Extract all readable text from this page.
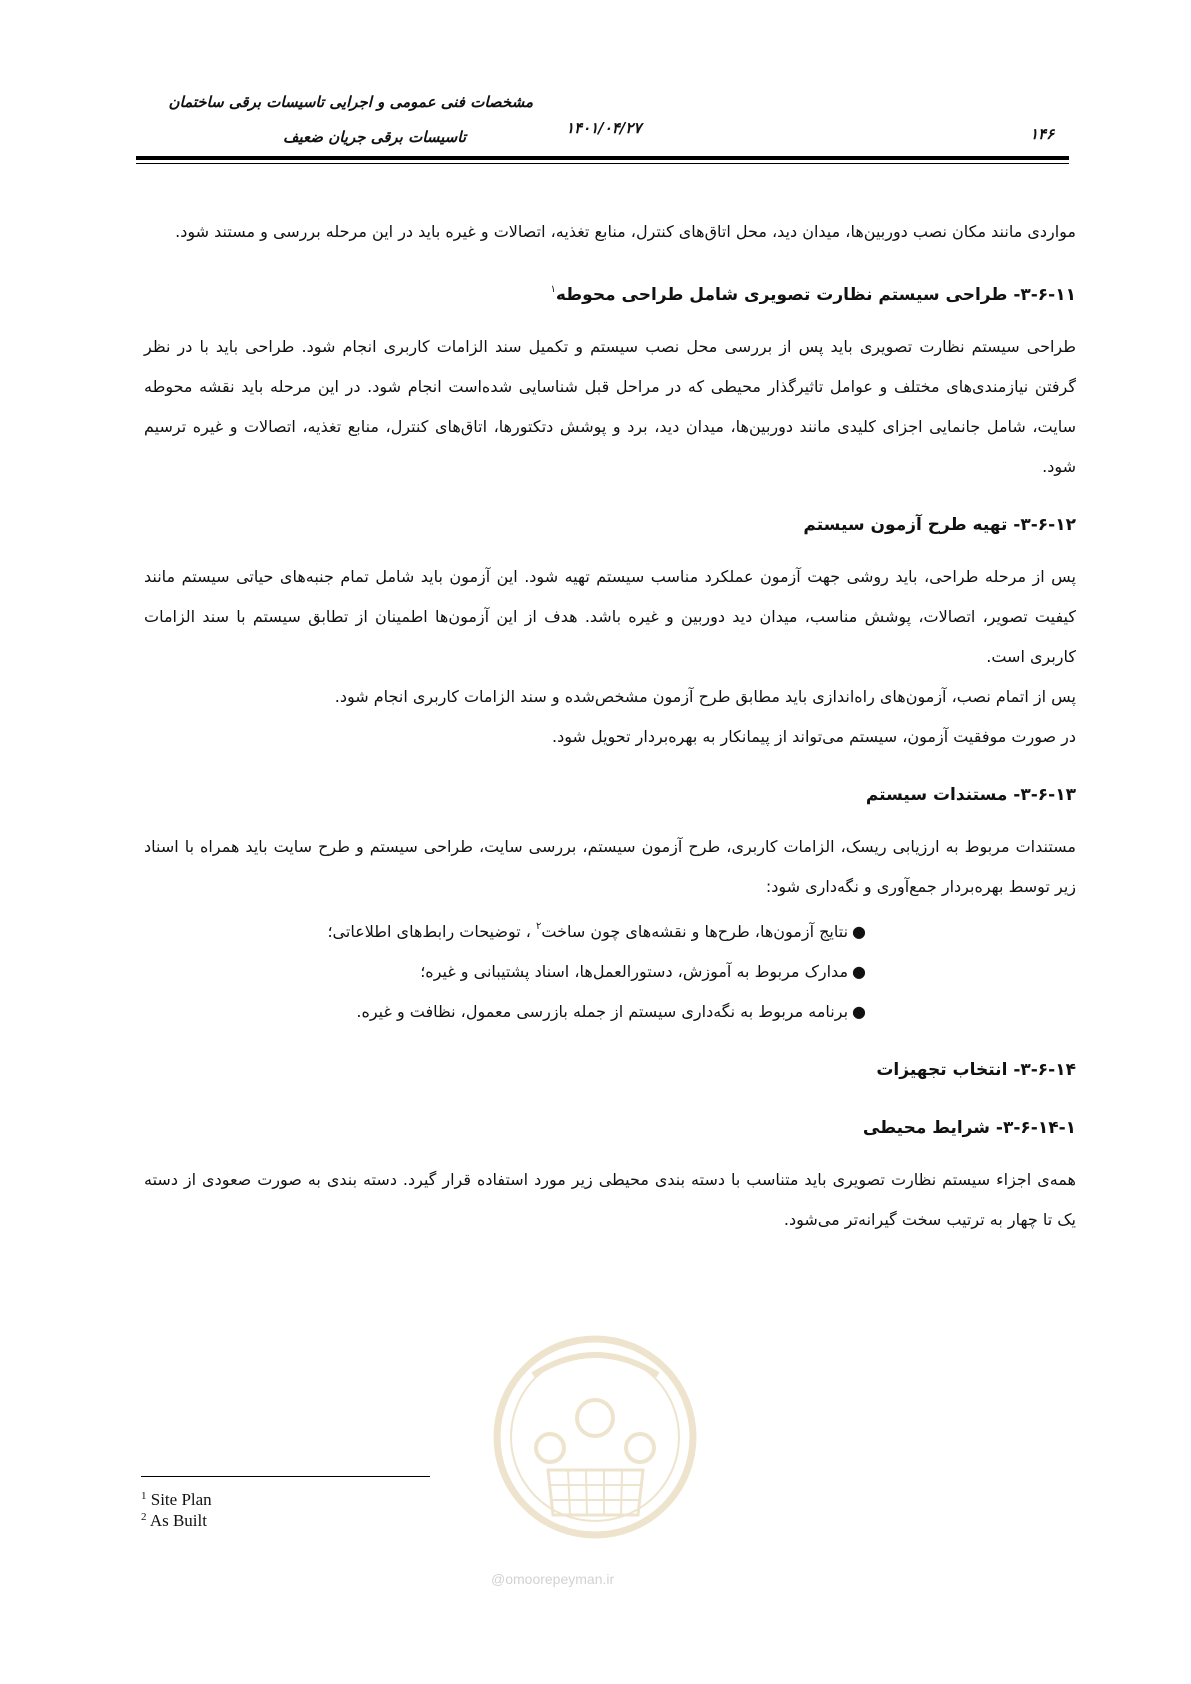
مشخصات فنی عمومی و اجرایی تاسیسات برقی ساختمان
تاسیسات برقی جریان ضعیف	۱۴۰۱/۰۴/۲۷	۱۴۶
@omoorepeyman.ir

مواردی مانند مکان نصب دوربین‌ها، میدان دید، محل اتاق‌های کنترل، منابع تغذیه، اتصالات و غیره باید در این مرحله بررسی و مستند شود.

۳-۶-۱۱- طراحی سیستم نظارت تصویری شامل طراحی محوطه$^۱$

طراحی سیستم نظارت تصویری باید پس از بررسی محل نصب سیستم و تکمیل سند الزامات کاربری انجام شود. طراحی باید با در نظر گرفتن نیازمندی‌های مختلف و عوامل تاثیرگذار محیطی که در مراحل قبل شناسایی شده‌است انجام شود. در این مرحله باید نقشه محوطه سایت، شامل جانمایی اجزای کلیدی مانند دوربین‌ها، میدان دید، برد و پوشش دتکتورها، اتاق‌های کنترل، منابع تغذیه، اتصالات و غیره ترسیم شود.

۳-۶-۱۲- تهیه طرح آزمون سیستم

پس از مرحله طراحی، باید روشی جهت آزمون عملکرد مناسب سیستم تهیه شود. این آزمون باید شامل تمام جنبه‌های حیاتی سیستم مانند کیفیت تصویر، اتصالات، پوشش مناسب، میدان دید دوربین و غیره باشد. هدف از این آزمون‌ها اطمینان از تطابق سیستم با سند الزامات کاربری است.

پس از اتمام نصب، آزمون‌های راه‌اندازی باید مطابق طرح آزمون مشخص‌شده و سند الزامات کاربری انجام شود.

در صورت موفقیت آزمون، سیستم می‌تواند از پیمانکار به بهره‌بردار تحویل شود.

۳-۶-۱۳- مستندات سیستم

مستندات مربوط به ارزیابی ریسک، الزامات کاربری، طرح آزمون سیستم، بررسی سایت، طراحی سیستم و طرح سایت باید همراه با اسناد زیر توسط بهره‌بردار جمع‌آوری و نگه‌داری شود:

●نتایج آزمون‌ها، طرح‌ها و نقشه‌های چون ساخت$^۲$ ، توضیحات رابط‌های اطلاعاتی؛
●مدارک مربوط به آموزش، دستورالعمل‌ها، اسناد پشتیبانی و غیره؛
●برنامه مربوط به نگه‌داری سیستم از جمله بازرسی معمول، نظافت و غیره.

۳-۶-۱۴- انتخاب تجهیزات

۳-۶-۱۴-۱- شرایط محیطی

همه‌ی اجزاء سیستم نظارت تصویری باید متناسب با دسته بندی محیطی زیر مورد استفاده قرار گیرد. دسته بندی به صورت صعودی از دسته یک تا چهار به ترتیب سخت گیرانه‌تر می‌شود.

$^1$ Site Plan
$^2$ As Built
